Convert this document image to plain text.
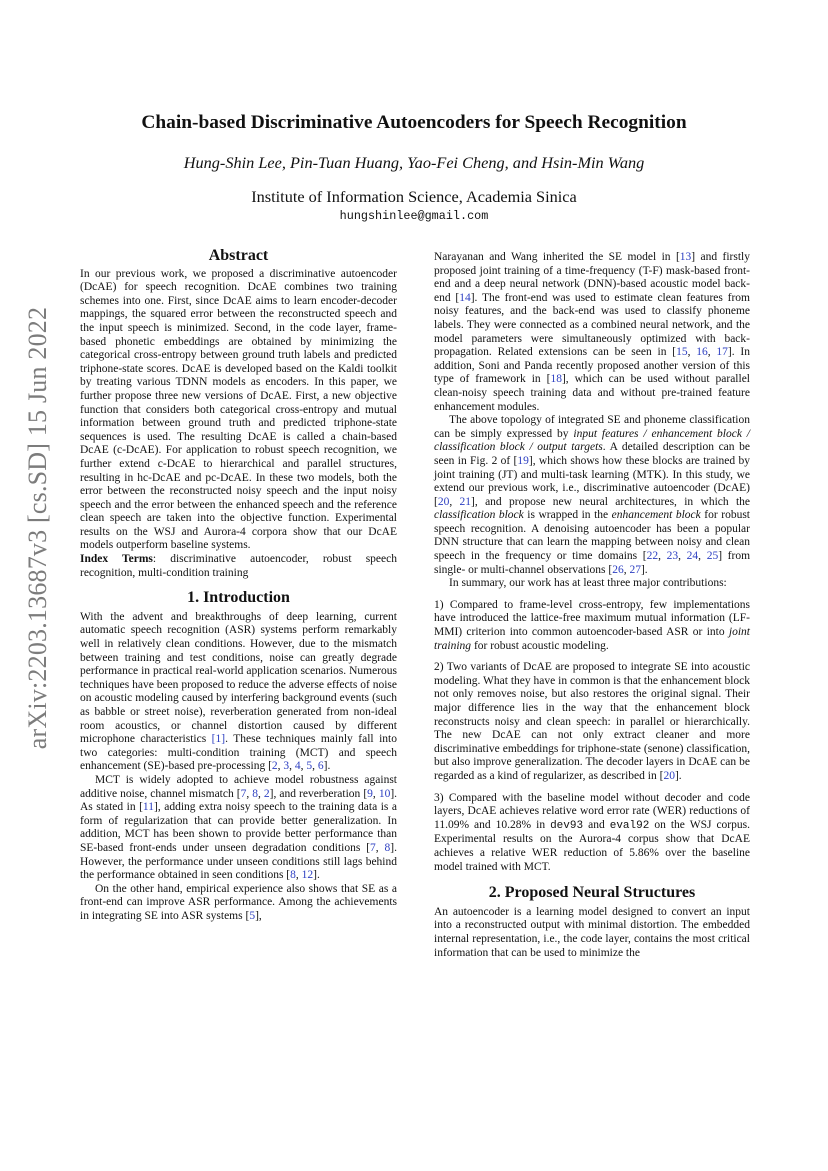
arXiv:2203.13687v3 [cs.SD] 15 Jun 2022
Chain-based Discriminative Autoencoders for Speech Recognition
Hung-Shin Lee, Pin-Tuan Huang, Yao-Fei Cheng, and Hsin-Min Wang
Institute of Information Science, Academia Sinica
hungshinlee@gmail.com
Abstract

In our previous work, we proposed a discriminative autoencoder (DcAE) for speech recognition. DcAE combines two training schemes into one. First, since DcAE aims to learn encoder-decoder mappings, the squared error between the reconstructed speech and the input speech is minimized. Second, in the code layer, frame-based phonetic embeddings are obtained by minimizing the categorical cross-entropy between ground truth labels and predicted triphone-state scores. DcAE is developed based on the Kaldi toolkit by treating various TDNN models as encoders. In this paper, we further propose three new versions of DcAE. First, a new objective function that considers both categorical cross-entropy and mutual information between ground truth and predicted triphone-state sequences is used. The resulting DcAE is called a chain-based DcAE (c-DcAE). For application to robust speech recognition, we further extend c-DcAE to hierarchical and parallel structures, resulting in hc-DcAE and pc-DcAE. In these two models, both the error between the reconstructed noisy speech and the input noisy speech and the error between the enhanced speech and the reference clean speech are taken into the objective function. Experimental results on the WSJ and Aurora-4 corpora show that our DcAE models outperform baseline systems.

Index Terms: discriminative autoencoder, robust speech recognition, multi-condition training

1. Introduction

With the advent and breakthroughs of deep learning, current automatic speech recognition (ASR) systems perform remarkably well in relatively clean conditions. However, due to the mismatch between training and test conditions, noise can greatly degrade performance in practical real-world application scenarios. Numerous techniques have been proposed to reduce the adverse effects of noise on acoustic modeling caused by interfering background events (such as babble or street noise), reverberation generated from non-ideal room acoustics, or channel distortion caused by different microphone characteristics [1]. These techniques mainly fall into two categories: multi-condition training (MCT) and speech enhancement (SE)-based pre-processing [2, 3, 4, 5, 6].

MCT is widely adopted to achieve model robustness against additive noise, channel mismatch [7, 8, 2], and reverberation [9, 10]. As stated in [11], adding extra noisy speech to the training data is a form of regularization that can provide better generalization. In addition, MCT has been shown to provide better performance than SE-based front-ends under unseen degradation conditions [7, 8]. However, the performance under unseen conditions still lags behind the performance obtained in seen conditions [8, 12].

On the other hand, empirical experience also shows that SE as a front-end can improve ASR performance. Among the achievements in integrating SE into ASR systems [5],

Narayanan and Wang inherited the SE model in [13] and firstly proposed joint training of a time-frequency (T-F) mask-based front-end and a deep neural network (DNN)-based acoustic model back-end [14]. The front-end was used to estimate clean features from noisy features, and the back-end was used to classify phoneme labels. They were connected as a combined neural network, and the model parameters were simultaneously optimized with back-propagation. Related extensions can be seen in [15, 16, 17]. In addition, Soni and Panda recently proposed another version of this type of framework in [18], which can be used without parallel clean-noisy speech training data and without pre-trained feature enhancement modules.

The above topology of integrated SE and phoneme classification can be simply expressed by input features / enhancement block / classification block / output targets. A detailed description can be seen in Fig. 2 of [19], which shows how these blocks are trained by joint training (JT) and multi-task learning (MTK). In this study, we extend our previous work, i.e., discriminative autoencoder (DcAE) [20, 21], and propose new neural architectures, in which the classification block is wrapped in the enhancement block for robust speech recognition. A denoising autoencoder has been a popular DNN structure that can learn the mapping between noisy and clean speech in the frequency or time domains [22, 23, 24, 25] from single- or multi-channel observations [26, 27].

In summary, our work has at least three major contributions:

1) Compared to frame-level cross-entropy, few implementations have introduced the lattice-free maximum mutual information (LF-MMI) criterion into common autoencoder-based ASR or into joint training for robust acoustic modeling.

2) Two variants of DcAE are proposed to integrate SE into acoustic modeling. What they have in common is that the enhancement block not only removes noise, but also restores the original signal. Their major difference lies in the way that the enhancement block reconstructs noisy and clean speech: in parallel or hierarchically. The new DcAE can not only extract cleaner and more discriminative embeddings for triphone-state (senone) classification, but also improve generalization. The decoder layers in DcAE can be regarded as a kind of regularizer, as described in [20].

3) Compared with the baseline model without decoder and code layers, DcAE achieves relative word error rate (WER) reductions of 11.09% and 10.28% in dev93 and eval92 on the WSJ corpus. Experimental results on the Aurora-4 corpus show that DcAE achieves a relative WER reduction of 5.86% over the baseline model trained with MCT.

2. Proposed Neural Structures

An autoencoder is a learning model designed to convert an input into a reconstructed output with minimal distortion. The embedded internal representation, i.e., the code layer, contains the most critical information that can be used to minimize the
